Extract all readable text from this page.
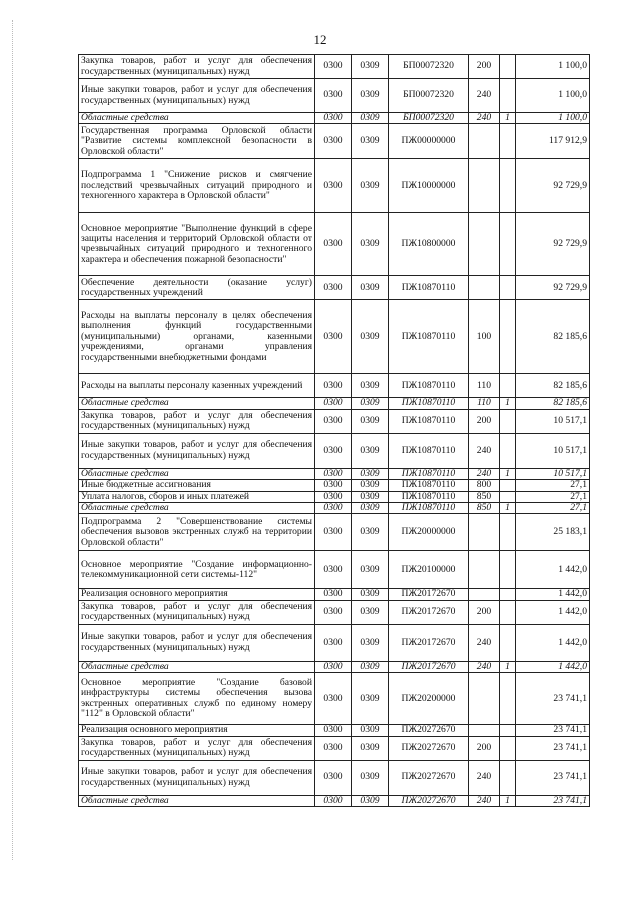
12
Закупка товаров, работ и услуг для обеспечения государственных (муниципальных) нужд	0300	0309	БП00072320	200		1 100,0
Иные закупки товаров, работ и услуг для обеспечения государственных (муниципальных) нужд	0300	0309	БП00072320	240		1 100,0
Областные средства	0300	0309	БП00072320	240	1	1 100,0
Государственная программа Орловской области "Развитие системы комплексной безопасности в Орловской области"	0300	0309	ПЖ00000000			117 912,9
Подпрограмма 1 "Снижение рисков и смягчение последствий чрезвычайных ситуаций природного и техногенного характера в Орловской области"	0300	0309	ПЖ10000000			92 729,9
Основное мероприятие "Выполнение функций в сфере защиты населения и территорий Орловской области от чрезвычайных ситуаций природного и техногенного характера и обеспечения пожарной безопасности"	0300	0309	ПЖ10800000			92 729,9
Обеспечение деятельности (оказание услуг) государственных учреждений	0300	0309	ПЖ10870110			92 729,9
Расходы на выплаты персоналу в целях обеспечения выполнения функций государственными (муниципальными) органами, казенными учреждениями, органами управления государственными внебюджетными фондами	0300	0309	ПЖ10870110	100		82 185,6
Расходы на выплаты персоналу казенных учреждений	0300	0309	ПЖ10870110	110		82 185,6
Областные средства	0300	0309	ПЖ10870110	110	1	82 185,6
Закупка товаров, работ и услуг для обеспечения государственных (муниципальных) нужд	0300	0309	ПЖ10870110	200		10 517,1
Иные закупки товаров, работ и услуг для обеспечения государственных (муниципальных) нужд	0300	0309	ПЖ10870110	240		10 517,1
Областные средства	0300	0309	ПЖ10870110	240	1	10 517,1
Иные бюджетные ассигнования	0300	0309	ПЖ10870110	800		27,1
Уплата налогов, сборов и иных платежей	0300	0309	ПЖ10870110	850		27,1
Областные средства	0300	0309	ПЖ10870110	850	1	27,1
Подпрограмма 2 "Совершенствование системы обеспечения вызовов экстренных служб на территории Орловской области"	0300	0309	ПЖ20000000			25 183,1
Основное мероприятие "Создание информационно-телекоммуникационной сети системы-112"	0300	0309	ПЖ20100000			1 442,0
Реализация основного мероприятия	0300	0309	ПЖ20172670			1 442,0
Закупка товаров, работ и услуг для обеспечения государственных (муниципальных) нужд	0300	0309	ПЖ20172670	200		1 442,0
Иные закупки товаров, работ и услуг для обеспечения государственных (муниципальных) нужд	0300	0309	ПЖ20172670	240		1 442,0
Областные средства	0300	0309	ПЖ20172670	240	1	1 442,0
Основное мероприятие "Создание базовой инфраструктуры системы обеспечения вызова экстренных оперативных служб по единому номеру "112" в Орловской области"	0300	0309	ПЖ20200000			23 741,1
Реализация основного мероприятия	0300	0309	ПЖ20272670			23 741,1
Закупка товаров, работ и услуг для обеспечения государственных (муниципальных) нужд	0300	0309	ПЖ20272670	200		23 741,1
Иные закупки товаров, работ и услуг для обеспечения государственных (муниципальных) нужд	0300	0309	ПЖ20272670	240		23 741,1
Областные средства	0300	0309	ПЖ20272670	240	1	23 741,1
